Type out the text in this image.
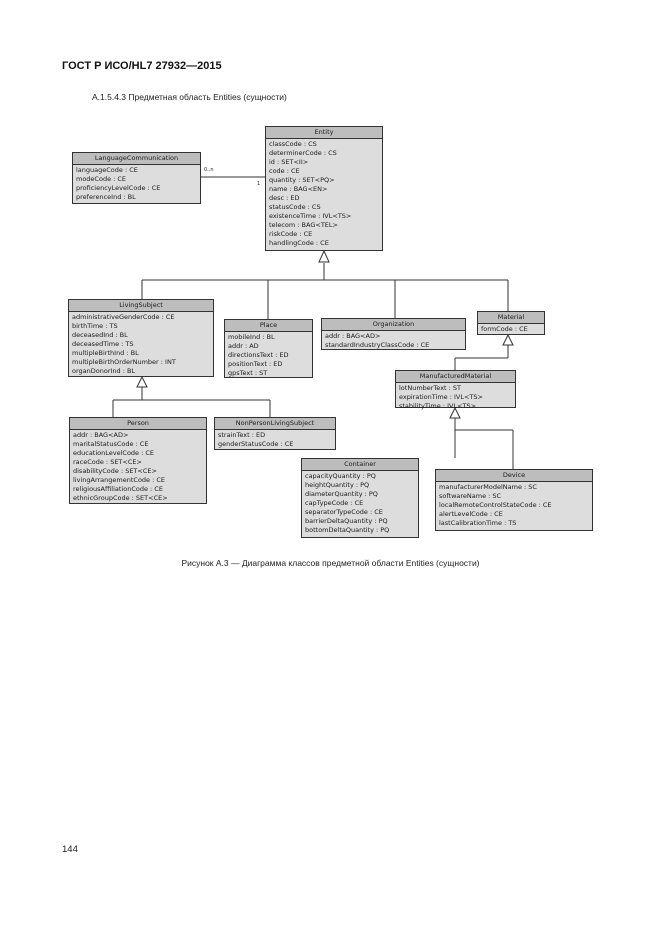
ГОСТ Р ИСО/HL7 27932—2015
A.1.5.4.3 Предметная область Entities (сущности)
0..n
1
Entity
classCode : CS
determinerCode : CS
id : SET<II>
code : CE
quantity : SET<PQ>
name : BAG<EN>
desc : ED
statusCode : CS
existenceTime : IVL<TS>
telecom : BAG<TEL>
riskCode : CE
handlingCode : CE
LanguageCommunication
languageCode : CE
modeCode : CE
proficiencyLevelCode : CE
preferenceInd : BL
LivingSubject
administrativeGenderCode : CE
birthTime : TS
deceasedInd : BL
deceasedTime : TS
multipleBirthInd : BL
multipleBirthOrderNumber : INT
organDonorInd : BL
Place
mobileInd : BL
addr : AD
directionsText : ED
positionText : ED
gpsText : ST
Organization
addr : BAG<AD>
standardIndustryClassCode : CE
Material
formCode : CE
ManufacturedMaterial
lotNumberText : ST
expirationTime : IVL<TS>
stabilityTime : IVL<TS>
Person
addr : BAG<AD>
maritalStatusCode : CE
educationLevelCode : CE
raceCode : SET<CE>
disabilityCode : SET<CE>
livingArrangementCode : CE
religiousAffiliationCode : CE
ethnicGroupCode : SET<CE>
NonPersonLivingSubject
strainText : ED
genderStatusCode : CE
Container
capacityQuantity : PQ
heightQuantity : PQ
diameterQuantity : PQ
capTypeCode : CE
separatorTypeCode : CE
barrierDeltaQuantity : PQ
bottomDeltaQuantity : PQ
Device
manufacturerModelName : SC
softwareName : SC
localRemoteControlStateCode : CE
alertLevelCode : CE
lastCalibrationTime : TS
Рисунок A.3 — Диаграмма классов предметной области Entities (сущности)
144
